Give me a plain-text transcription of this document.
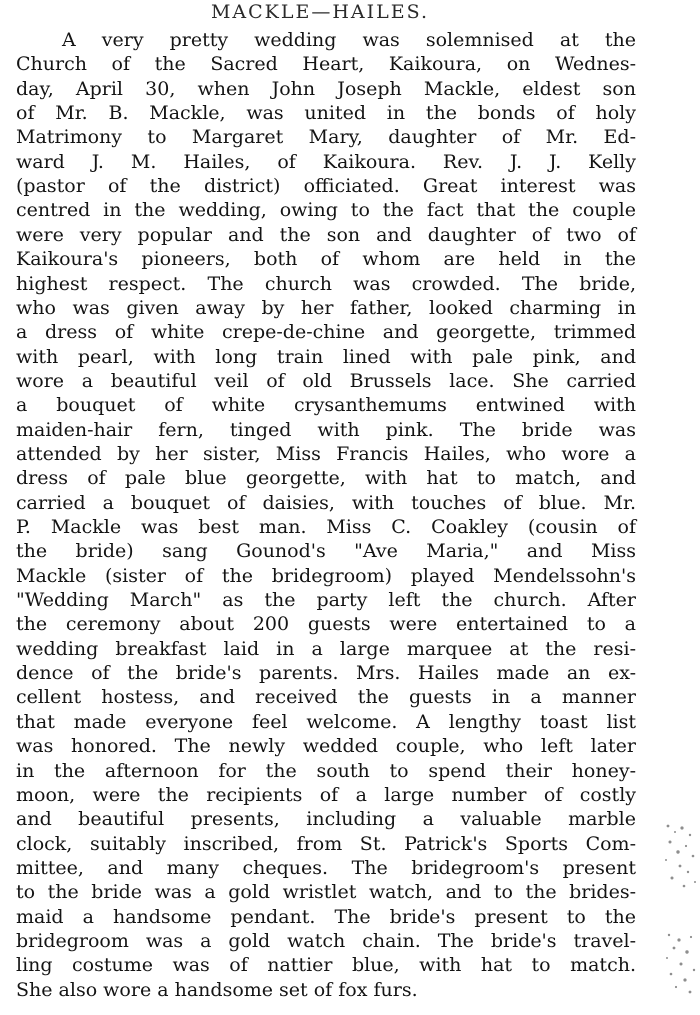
MACKLE—HAILES.
A very pretty wedding was solemnised at the
Church of the Sacred Heart, Kaikoura, on Wednes-
day, April 30, when John Joseph Mackle, eldest son
of Mr. B. Mackle, was united in the bonds of holy
Matrimony to Margaret Mary, daughter of Mr. Ed-
ward J. M. Hailes, of Kaikoura. Rev. J. J. Kelly
(pastor of the district) officiated. Great interest was
centred in the wedding, owing to the fact that the couple
were very popular and the son and daughter of two of
Kaikoura's pioneers, both of whom are held in the
highest respect. The church was crowded. The bride,
who was given away by her father, looked charming in
a dress of white crepe-de-chine and georgette, trimmed
with pearl, with long train lined with pale pink, and
wore a beautiful veil of old Brussels lace. She carried
a bouquet of white crysanthemums entwined with
maiden-hair fern, tinged with pink. The bride was
attended by her sister, Miss Francis Hailes, who wore a
dress of pale blue georgette, with hat to match, and
carried a bouquet of daisies, with touches of blue. Mr.
P. Mackle was best man. Miss C. Coakley (cousin of
the bride) sang Gounod's "Ave Maria," and Miss
Mackle (sister of the bridegroom) played Mendelssohn's
"Wedding March" as the party left the church. After
the ceremony about 200 guests were entertained to a
wedding breakfast laid in a large marquee at the resi-
dence of the bride's parents. Mrs. Hailes made an ex-
cellent hostess, and received the guests in a manner
that made everyone feel welcome. A lengthy toast list
was honored. The newly wedded couple, who left later
in the afternoon for the south to spend their honey-
moon, were the recipients of a large number of costly
and beautiful presents, including a valuable marble
clock, suitably inscribed, from St. Patrick's Sports Com-
mittee, and many cheques. The bridegroom's present
to the bride was a gold wristlet watch, and to the brides-
maid a handsome pendant. The bride's present to the
bridegroom was a gold watch chain. The bride's travel-
ling costume was of nattier blue, with hat to match.
She also wore a handsome set of fox furs.
